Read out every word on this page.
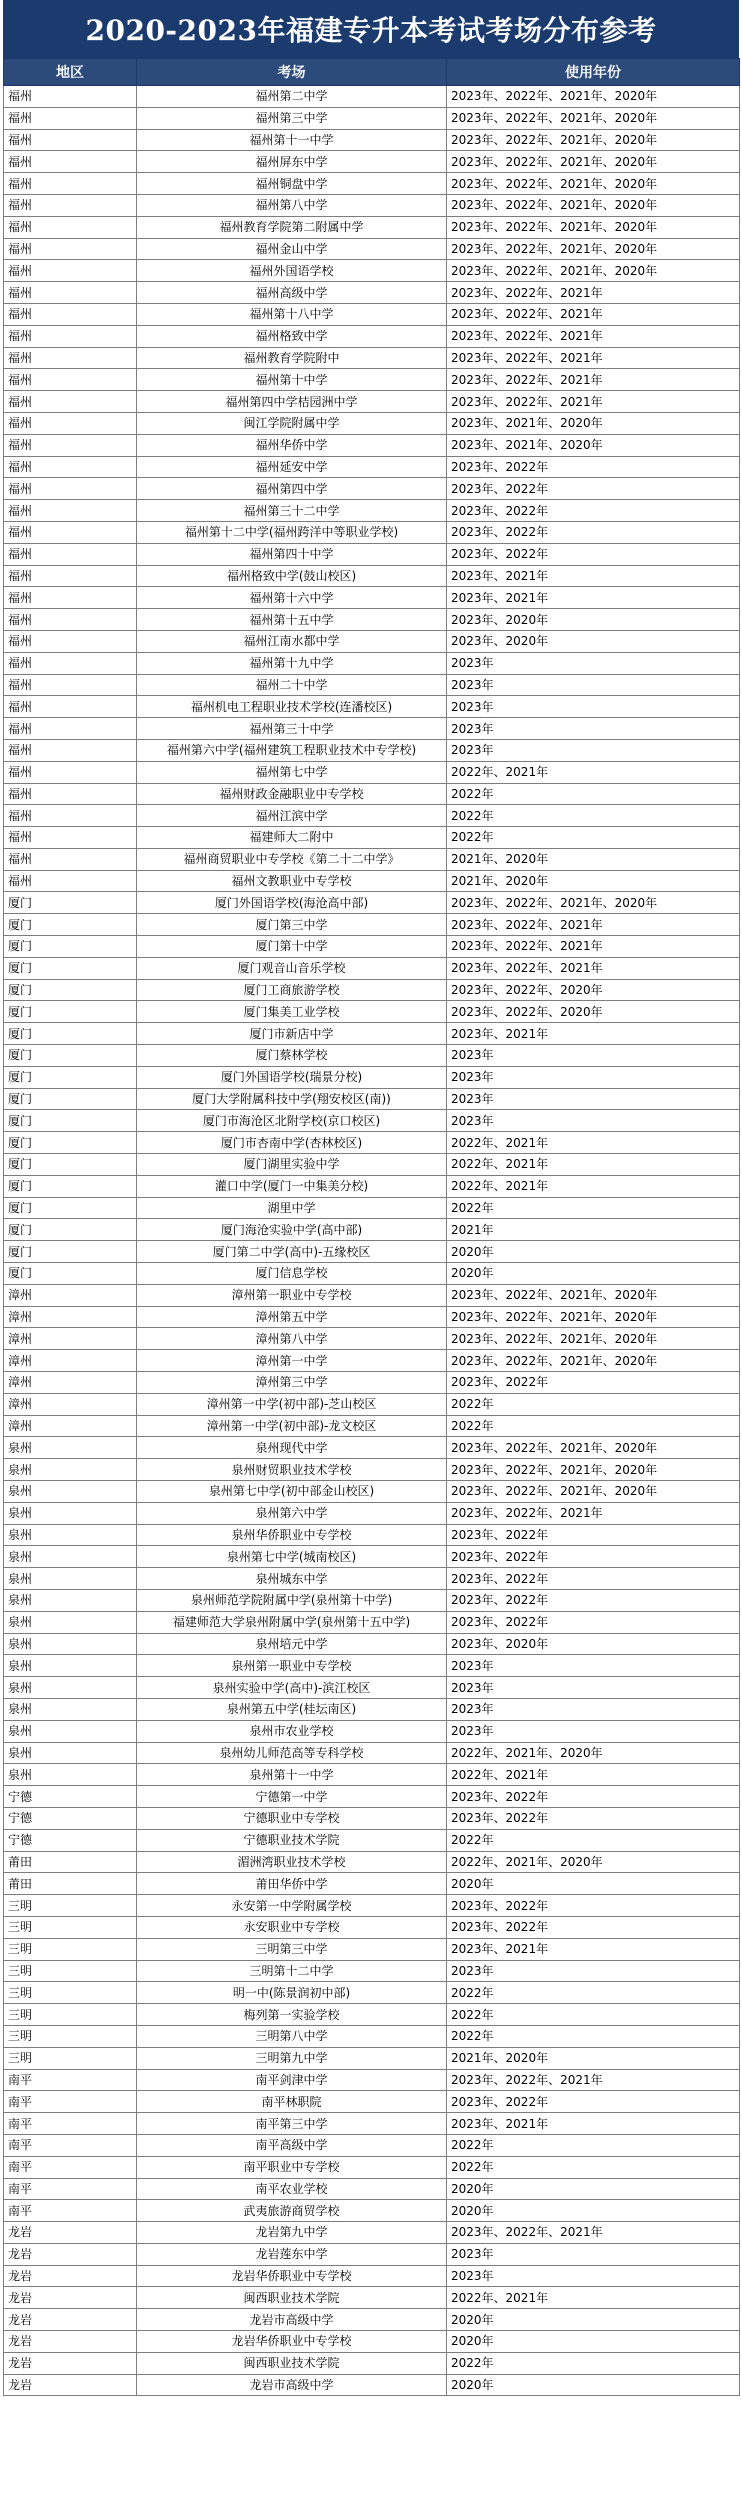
2020-2023年福建专升本考试考场分布参考
地区	考场	使用年份
福州	福州第二中学	2023年、2022年、2021年、2020年
福州	福州第三中学	2023年、2022年、2021年、2020年
福州	福州第十一中学	2023年、2022年、2021年、2020年
福州	福州屏东中学	2023年、2022年、2021年、2020年
福州	福州铜盘中学	2023年、2022年、2021年、2020年
福州	福州第八中学	2023年、2022年、2021年、2020年
福州	福州教育学院第二附属中学	2023年、2022年、2021年、2020年
福州	福州金山中学	2023年、2022年、2021年、2020年
福州	福州外国语学校	2023年、2022年、2021年、2020年
福州	福州高级中学	2023年、2022年、2021年
福州	福州第十八中学	2023年、2022年、2021年
福州	福州格致中学	2023年、2022年、2021年
福州	福州教育学院附中	2023年、2022年、2021年
福州	福州第十中学	2023年、2022年、2021年
福州	福州第四中学桔园洲中学	2023年、2022年、2021年
福州	闽江学院附属中学	2023年、2021年、2020年
福州	福州华侨中学	2023年、2021年、2020年
福州	福州延安中学	2023年、2022年
福州	福州第四中学	2023年、2022年
福州	福州第三十二中学	2023年、2022年
福州	福州第十二中学(福州跨洋中等职业学校)	2023年、2022年
福州	福州第四十中学	2023年、2022年
福州	福州格致中学(鼓山校区)	2023年、2021年
福州	福州第十六中学	2023年、2021年
福州	福州第十五中学	2023年、2020年
福州	福州江南水都中学	2023年、2020年
福州	福州第十九中学	2023年
福州	福州二十中学	2023年
福州	福州机电工程职业技术学校(连潘校区)	2023年
福州	福州第三十中学	2023年
福州	福州第六中学(福州建筑工程职业技术中专学校)	2023年
福州	福州第七中学	2022年、2021年
福州	福州财政金融职业中专学校	2022年
福州	福州江滨中学	2022年
福州	福建师大二附中	2022年
福州	福州商贸职业中专学校《第二十二中学》	2021年、2020年
福州	福州文教职业中专学校	2021年、2020年
厦门	厦门外国语学校(海沧高中部)	2023年、2022年、2021年、2020年
厦门	厦门第三中学	2023年、2022年、2021年
厦门	厦门第十中学	2023年、2022年、2021年
厦门	厦门观音山音乐学校	2023年、2022年、2021年
厦门	厦门工商旅游学校	2023年、2022年、2020年
厦门	厦门集美工业学校	2023年、2022年、2020年
厦门	厦门市新店中学	2023年、2021年
厦门	厦门蔡林学校	2023年
厦门	厦门外国语学校(瑞景分校)	2023年
厦门	厦门大学附属科技中学(翔安校区(南))	2023年
厦门	厦门市海沧区北附学校(京口校区)	2023年
厦门	厦门市杏南中学(杏林校区)	2022年、2021年
厦门	厦门湖里实验中学	2022年、2021年
厦门	灌口中学(厦门一中集美分校)	2022年、2021年
厦门	湖里中学	2022年
厦门	厦门海沧实验中学(高中部)	2021年
厦门	厦门第二中学(高中)-五缘校区	2020年
厦门	厦门信息学校	2020年
漳州	漳州第一职业中专学校	2023年、2022年、2021年、2020年
漳州	漳州第五中学	2023年、2022年、2021年、2020年
漳州	漳州第八中学	2023年、2022年、2021年、2020年
漳州	漳州第一中学	2023年、2022年、2021年、2020年
漳州	漳州第三中学	2023年、2022年
漳州	漳州第一中学(初中部)-芝山校区	2022年
漳州	漳州第一中学(初中部)-龙文校区	2022年
泉州	泉州现代中学	2023年、2022年、2021年、2020年
泉州	泉州财贸职业技术学校	2023年、2022年、2021年、2020年
泉州	泉州第七中学(初中部金山校区)	2023年、2022年、2021年、2020年
泉州	泉州第六中学	2023年、2022年、2021年
泉州	泉州华侨职业中专学校	2023年、2022年
泉州	泉州第七中学(城南校区)	2023年、2022年
泉州	泉州城东中学	2023年、2022年
泉州	泉州师范学院附属中学(泉州第十中学)	2023年、2022年
泉州	福建师范大学泉州附属中学(泉州第十五中学)	2023年、2022年
泉州	泉州培元中学	2023年、2020年
泉州	泉州第一职业中专学校	2023年
泉州	泉州实验中学(高中)-滨江校区	2023年
泉州	泉州第五中学(桂坛南区)	2023年
泉州	泉州市农业学校	2023年
泉州	泉州幼儿师范高等专科学校	2022年、2021年、2020年
泉州	泉州第十一中学	2022年、2021年
宁德	宁德第一中学	2023年、2022年
宁德	宁德职业中专学校	2023年、2022年
宁德	宁德职业技术学院	2022年
莆田	湄洲湾职业技术学校	2022年、2021年、2020年
莆田	莆田华侨中学	2020年
三明	永安第一中学附属学校	2023年、2022年
三明	永安职业中专学校	2023年、2022年
三明	三明第三中学	2023年、2021年
三明	三明第十二中学	2023年
三明	明一中(陈景润初中部)	2022年
三明	梅列第一实验学校	2022年
三明	三明第八中学	2022年
三明	三明第九中学	2021年、2020年
南平	南平剑津中学	2023年、2022年、2021年
南平	南平林职院	2023年、2022年
南平	南平第三中学	2023年、2021年
南平	南平高级中学	2022年
南平	南平职业中专学校	2022年
南平	南平农业学校	2020年
南平	武夷旅游商贸学校	2020年
龙岩	龙岩第九中学	2023年、2022年、2021年
龙岩	龙岩莲东中学	2023年
龙岩	龙岩华侨职业中专学校	2023年
龙岩	闽西职业技术学院	2022年、2021年
龙岩	龙岩市高级中学	2020年
龙岩	龙岩华侨职业中专学校	2020年
龙岩	闽西职业技术学院	2022年
龙岩	龙岩市高级中学	2020年
